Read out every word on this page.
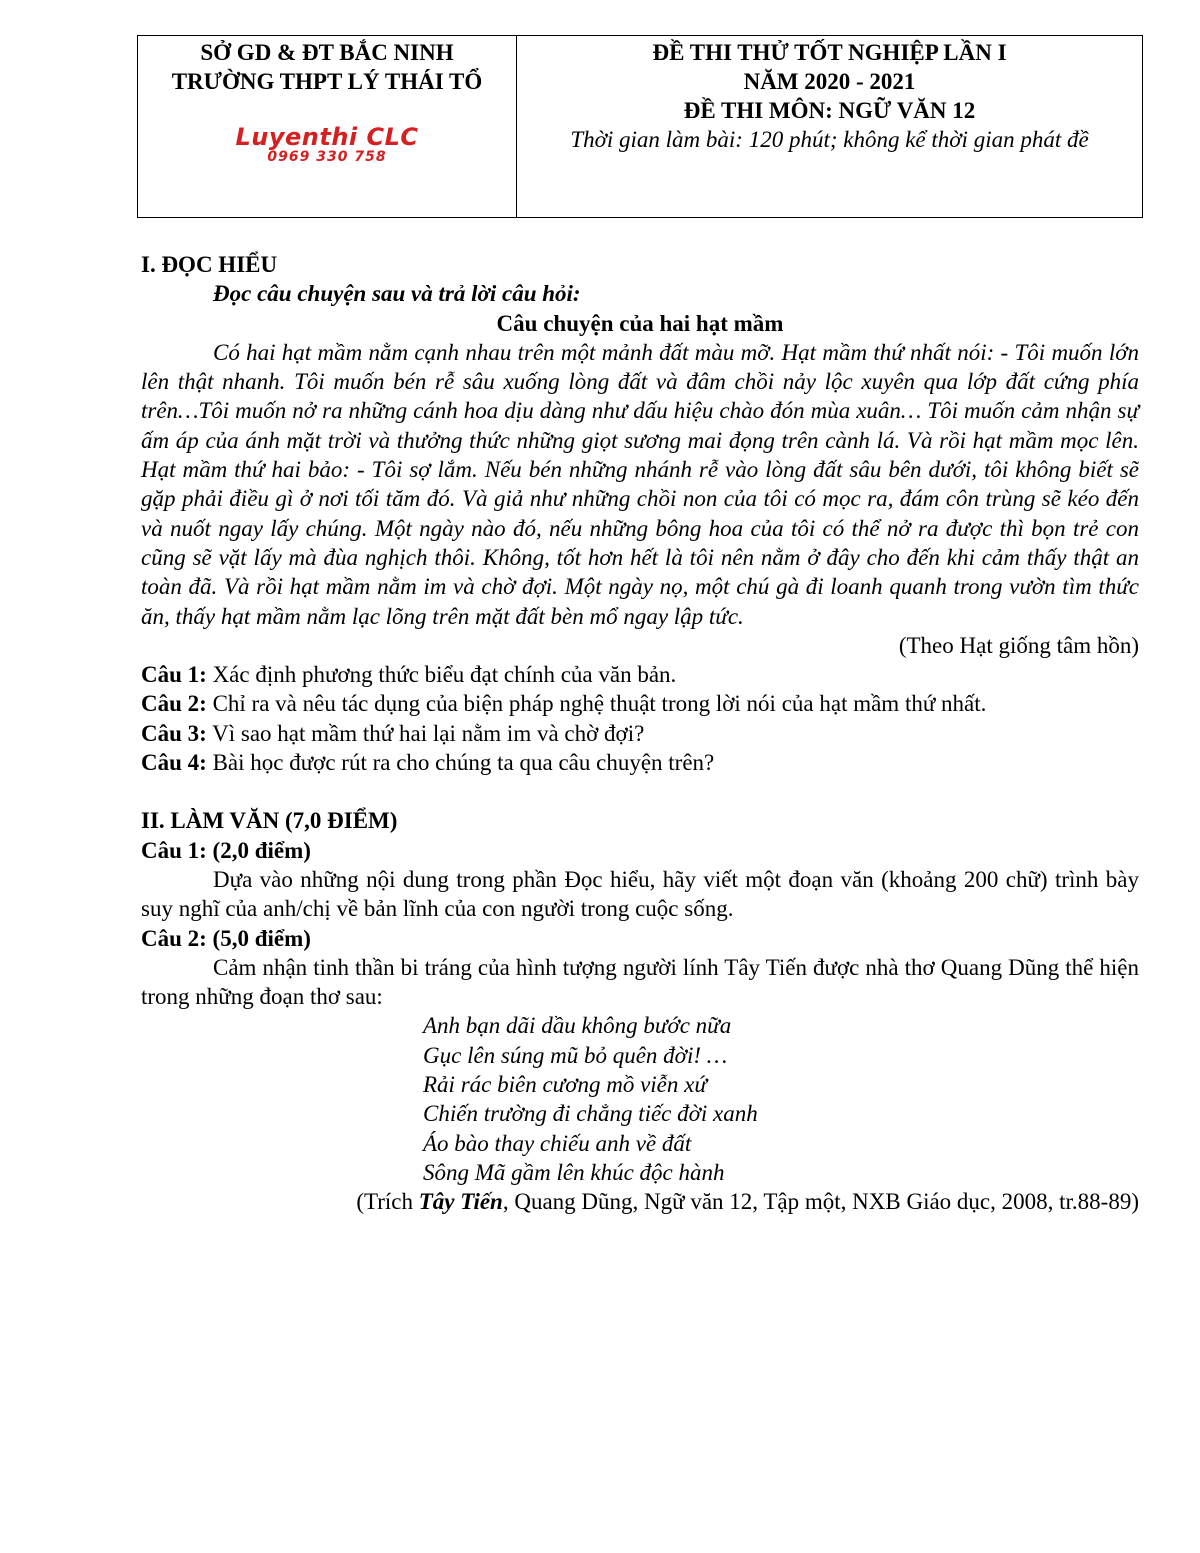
SỞ GD & ĐT BẮC NINH
TRƯỜNG THPT LÝ THÁI TỔ
Luyenthi CLC
0969 330 758
ĐỀ THI THỬ TỐT NGHIỆP LẦN I
NĂM 2020 - 2021
ĐỀ THI MÔN: NGỮ VĂN 12
Thời gian làm bài: 120 phút; không kể thời gian phát đề
I. ĐỌC HIỂU
Đọc câu chuyện sau và trả lời câu hỏi:
Câu chuyện của hai hạt mầm

Có hai hạt mầm nằm cạnh nhau trên một mảnh đất màu mỡ. Hạt mầm thứ nhất nói: - Tôi muốn lớn lên thật nhanh. Tôi muốn bén rễ sâu xuống lòng đất và đâm chồi nảy lộc xuyên qua lớp đất cứng phía trên…Tôi muốn nở ra những cánh hoa dịu dàng như dấu hiệu chào đón mùa xuân… Tôi muốn cảm nhận sự ấm áp của ánh mặt trời và thưởng thức những giọt sương mai đọng trên cành lá. Và rồi hạt mầm mọc lên. Hạt mầm thứ hai bảo: - Tôi sợ lắm. Nếu bén những nhánh rễ vào lòng đất sâu bên dưới, tôi không biết sẽ gặp phải điều gì ở nơi tối tăm đó. Và giả như những chồi non của tôi có mọc ra, đám côn trùng sẽ kéo đến và nuốt ngay lấy chúng. Một ngày nào đó, nếu những bông hoa của tôi có thể nở ra được thì bọn trẻ con cũng sẽ vặt lấy mà đùa nghịch thôi. Không, tốt hơn hết là tôi nên nằm ở đây cho đến khi cảm thấy thật an toàn đã. Và rồi hạt mầm nằm im và chờ đợi. Một ngày nọ, một chú gà đi loanh quanh trong vườn tìm thức ăn, thấy hạt mầm nằm lạc lõng trên mặt đất bèn mổ ngay lập tức.

(Theo Hạt giống tâm hồn)
Câu 1: Xác định phương thức biểu đạt chính của văn bản.
Câu 2: Chỉ ra và nêu tác dụng của biện pháp nghệ thuật trong lời nói của hạt mầm thứ nhất.
Câu 3: Vì sao hạt mầm thứ hai lại nằm im và chờ đợi?
Câu 4: Bài học được rút ra cho chúng ta qua câu chuyện trên?
II. LÀM VĂN (7,0 ĐIỂM)
Câu 1: (2,0 điểm)

Dựa vào những nội dung trong phần Đọc hiểu, hãy viết một đoạn văn (khoảng 200 chữ) trình bày suy nghĩ của anh/chị về bản lĩnh của con người trong cuộc sống.

Câu 2: (5,0 điểm)

Cảm nhận tinh thần bi tráng của hình tượng người lính Tây Tiến được nhà thơ Quang Dũng thể hiện trong những đoạn thơ sau:

Anh bạn dãi dầu không bước nữa
Gục lên súng mũ bỏ quên đời! …
Rải rác biên cương mồ viễn xứ
Chiến trường đi chẳng tiếc đời xanh
Áo bào thay chiếu anh về đất
Sông Mã gầm lên khúc độc hành
(Trích Tây Tiến, Quang Dũng, Ngữ văn 12, Tập một, NXB Giáo dục, 2008, tr.88-89)
